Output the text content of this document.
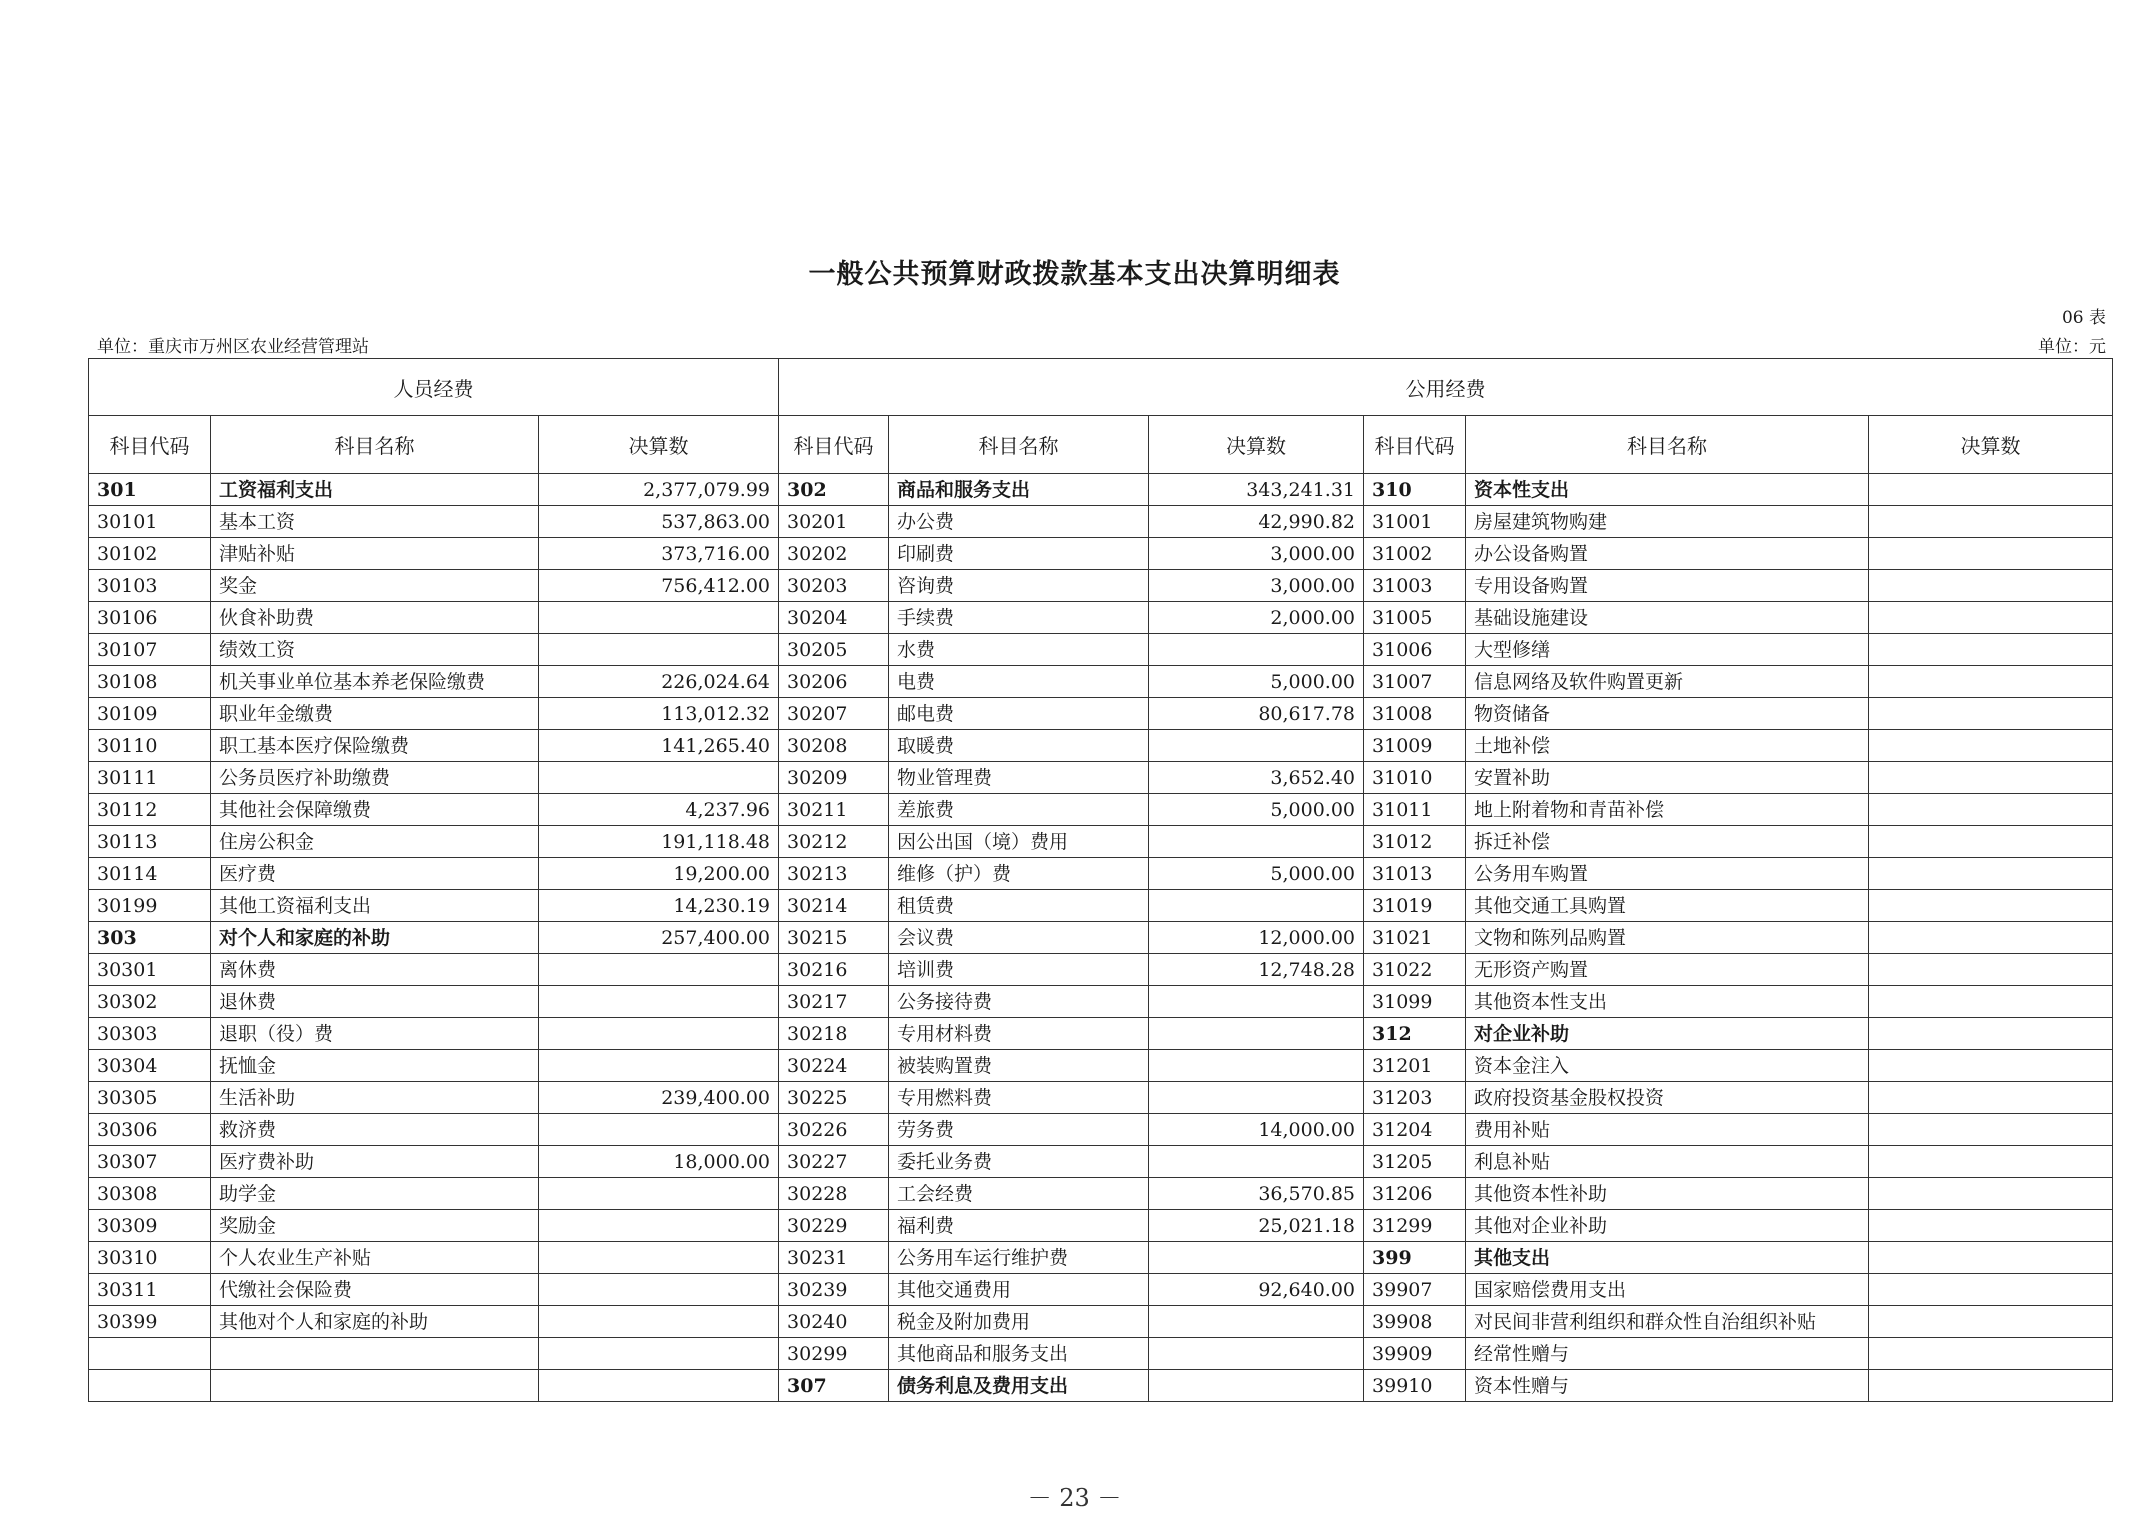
一般公共预算财政拨款基本支出决算明细表
06 表
单位：重庆市万州区农业经营管理站	单位：元
人员经费			公用经费					
科目代码	科目名称	决算数	科目代码	科目名称	决算数	科目代码	科目名称	决算数
301	工资福利支出	2,377,079.99	302	商品和服务支出	343,241.31	310	资本性支出	
30101	基本工资	537,863.00	30201	办公费	42,990.82	31001	房屋建筑物购建	
30102	津贴补贴	373,716.00	30202	印刷费	3,000.00	31002	办公设备购置	
30103	奖金	756,412.00	30203	咨询费	3,000.00	31003	专用设备购置	
30106	伙食补助费		30204	手续费	2,000.00	31005	基础设施建设	
30107	绩效工资		30205	水费		31006	大型修缮	
30108	机关事业单位基本养老保险缴费	226,024.64	30206	电费	5,000.00	31007	信息网络及软件购置更新	
30109	职业年金缴费	113,012.32	30207	邮电费	80,617.78	31008	物资储备	
30110	职工基本医疗保险缴费	141,265.40	30208	取暖费		31009	土地补偿	
30111	公务员医疗补助缴费		30209	物业管理费	3,652.40	31010	安置补助	
30112	其他社会保障缴费	4,237.96	30211	差旅费	5,000.00	31011	地上附着物和青苗补偿	
30113	住房公积金	191,118.48	30212	因公出国（境）费用		31012	拆迁补偿	
30114	医疗费	19,200.00	30213	维修（护）费	5,000.00	31013	公务用车购置	
30199	其他工资福利支出	14,230.19	30214	租赁费		31019	其他交通工具购置	
303	对个人和家庭的补助	257,400.00	30215	会议费	12,000.00	31021	文物和陈列品购置	
30301	离休费		30216	培训费	12,748.28	31022	无形资产购置	
30302	退休费		30217	公务接待费		31099	其他资本性支出	
30303	退职（役）费		30218	专用材料费		312	对企业补助	
30304	抚恤金		30224	被装购置费		31201	资本金注入	
30305	生活补助	239,400.00	30225	专用燃料费		31203	政府投资基金股权投资	
30306	救济费		30226	劳务费	14,000.00	31204	费用补贴	
30307	医疗费补助	18,000.00	30227	委托业务费		31205	利息补贴	
30308	助学金		30228	工会经费	36,570.85	31206	其他资本性补助	
30309	奖励金		30229	福利费	25,021.18	31299	其他对企业补助	
30310	个人农业生产补贴		30231	公务用车运行维护费		399	其他支出	
30311	代缴社会保险费		30239	其他交通费用	92,640.00	39907	国家赔偿费用支出	
30399	其他对个人和家庭的补助		30240	税金及附加费用		39908	对民间非营利组织和群众性自治组织补贴	
			30299	其他商品和服务支出		39909	经常性赠与	
			307	债务利息及费用支出		39910	资本性赠与	
－ 23 －
